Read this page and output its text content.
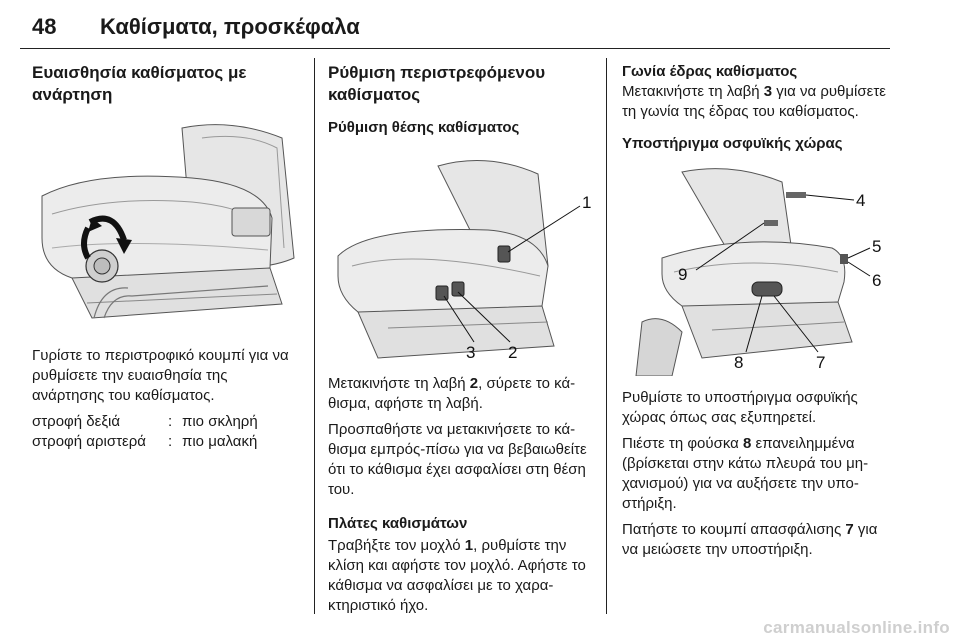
48 Καθίσματα, προσκέφαλα
Ευαισθησία καθίσματος με ανάρτηση

Γυρίστε το περιστροφικό κουμπί για να ρυθμίσετε την ευαισθησία της ανάρτησης του καθίσματος.

στροφή δεξιά	: πιο σκληρή
στροφή αριστερά	: πιο μαλακή
Ρύθμιση περιστρεφόμενου καθίσματος
Ρύθμιση θέσης καθίσματος
1
3 2

Μετακινήστε τη λαβή 2, σύρετε το κάθισμα, αφήστε τη λαβή.

Προσπαθήστε να μετακινήσετε το κάθισμα εμπρός-πίσω για να βεβαιωθείτε ότι το κάθισμα έχει ασφαλίσει στη θέση του.

Πλάτες καθισμάτων

Τραβήξτε τον μοχλό 1, ρυθμίστε την κλίση και αφήστε τον μοχλό. Αφήστε το κάθισμα να ασφαλίσει με το χαρακτηριστικό ήχο.

Γωνία έδρας καθίσματος

Μετακινήστε τη λαβή 3 για να ρυθμίσετε τη γωνία της έδρας του καθίσματος.

Υποστήριγμα οσφυϊκής χώρας
4
5
6
9
8	7

Ρυθμίστε το υποστήριγμα οσφυϊκής χώρας όπως σας εξυπηρετεί.

Πιέστε τη φούσκα 8 επανειλημμένα (βρίσκεται στην κάτω πλευρά του μηχανισμού) για να αυξήσετε την υποστήριξη.

Πατήστε το κουμπί απασφάλισης 7 για να μειώσετε την υποστήριξη.

carmanualsonline.info
